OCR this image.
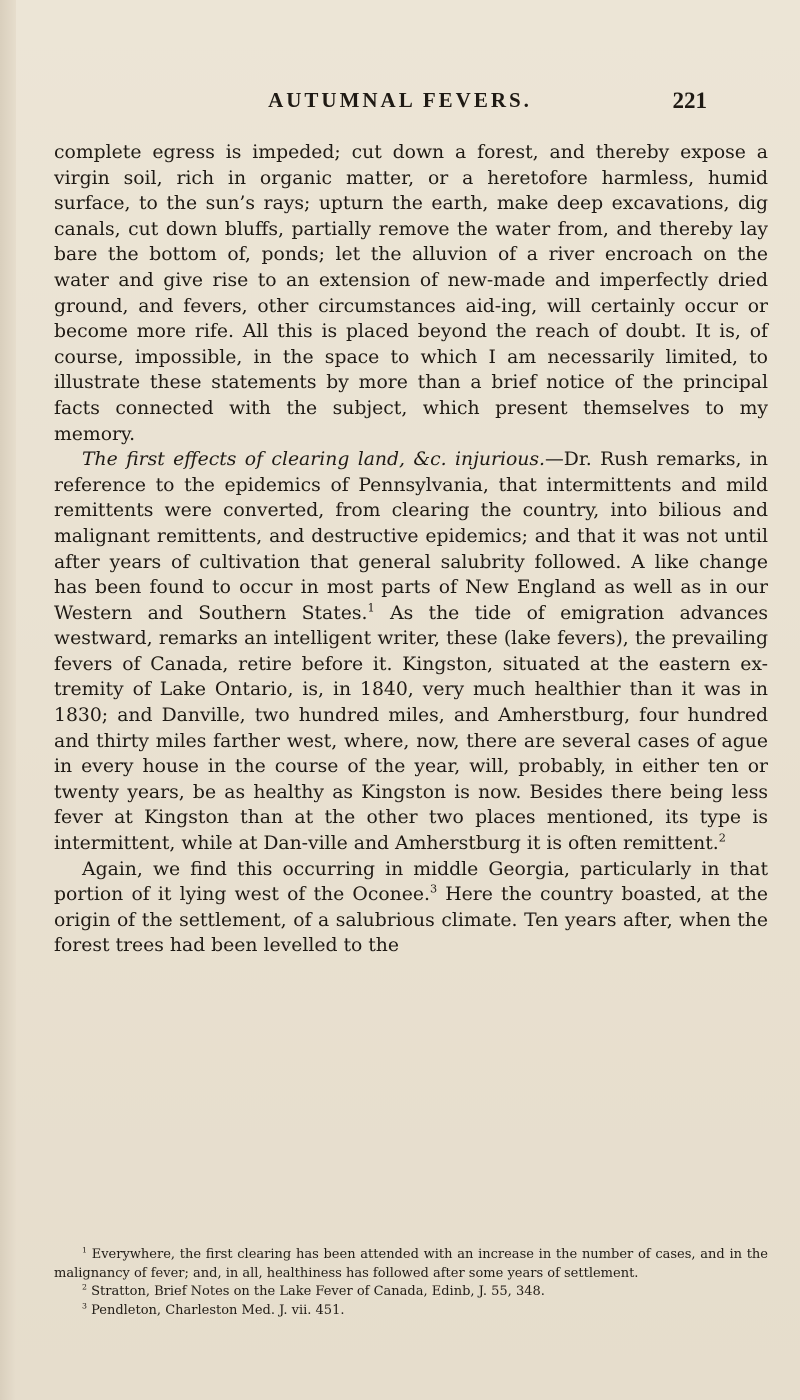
AUTUMNAL FEVERS.	221

complete egress is impeded; cut down a forest, and thereby expose a virgin soil, rich in organic matter, or a heretofore harmless, humid surface, to the sun’s rays; upturn the earth, make deep excavations, dig canals, cut down bluffs, partially remove the water from, and thereby lay bare the bottom of, ponds; let the alluvion of a river encroach on the water and give rise to an extension of new-made and imperfectly dried ground, and fevers, other circumstances aid-ing, will certainly occur or become more rife. All this is placed beyond the reach of doubt. It is, of course, impossible, in the space to which I am necessarily limited, to illustrate these statements by more than a brief notice of the principal facts connected with the subject, which present themselves to my memory.

The first effects of clearing land, &c. injurious.—Dr. Rush remarks, in reference to the epidemics of Pennsylvania, that intermittents and mild remittents were converted, from clearing the country, into bilious and malignant remittents, and destructive epidemics; and that it was not until after years of cultivation that general salubrity followed. A like change has been found to occur in most parts of New England as well as in our Western and Southern States.$^1$ As the tide of emigration advances westward, remarks an intelligent writer, these (lake fevers), the prevailing fevers of Canada, retire before it. Kingston, situated at the eastern ex-tremity of Lake Ontario, is, in 1840, very much healthier than it was in 1830; and Danville, two hundred miles, and Amherstburg, four hundred and thirty miles farther west, where, now, there are several cases of ague in every house in the course of the year, will, probably, in either ten or twenty years, be as healthy as Kingston is now. Besides there being less fever at Kingston than at the other two places mentioned, its type is intermittent, while at Dan-ville and Amherstburg it is often remittent.$^2$

Again, we find this occurring in middle Georgia, particularly in that portion of it lying west of the Oconee.$^3$ Here the country boasted, at the origin of the settlement, of a salubrious climate. Ten years after, when the forest trees had been levelled to the

$^1$ Everywhere, the first clearing has been attended with an increase in the number of cases, and in the malignancy of fever; and, in all, healthiness has followed after some years of settlement.

$^2$ Stratton, Brief Notes on the Lake Fever of Canada, Edinb, J. 55, 348.

$^3$ Pendleton, Charleston Med. J. vii. 451.
